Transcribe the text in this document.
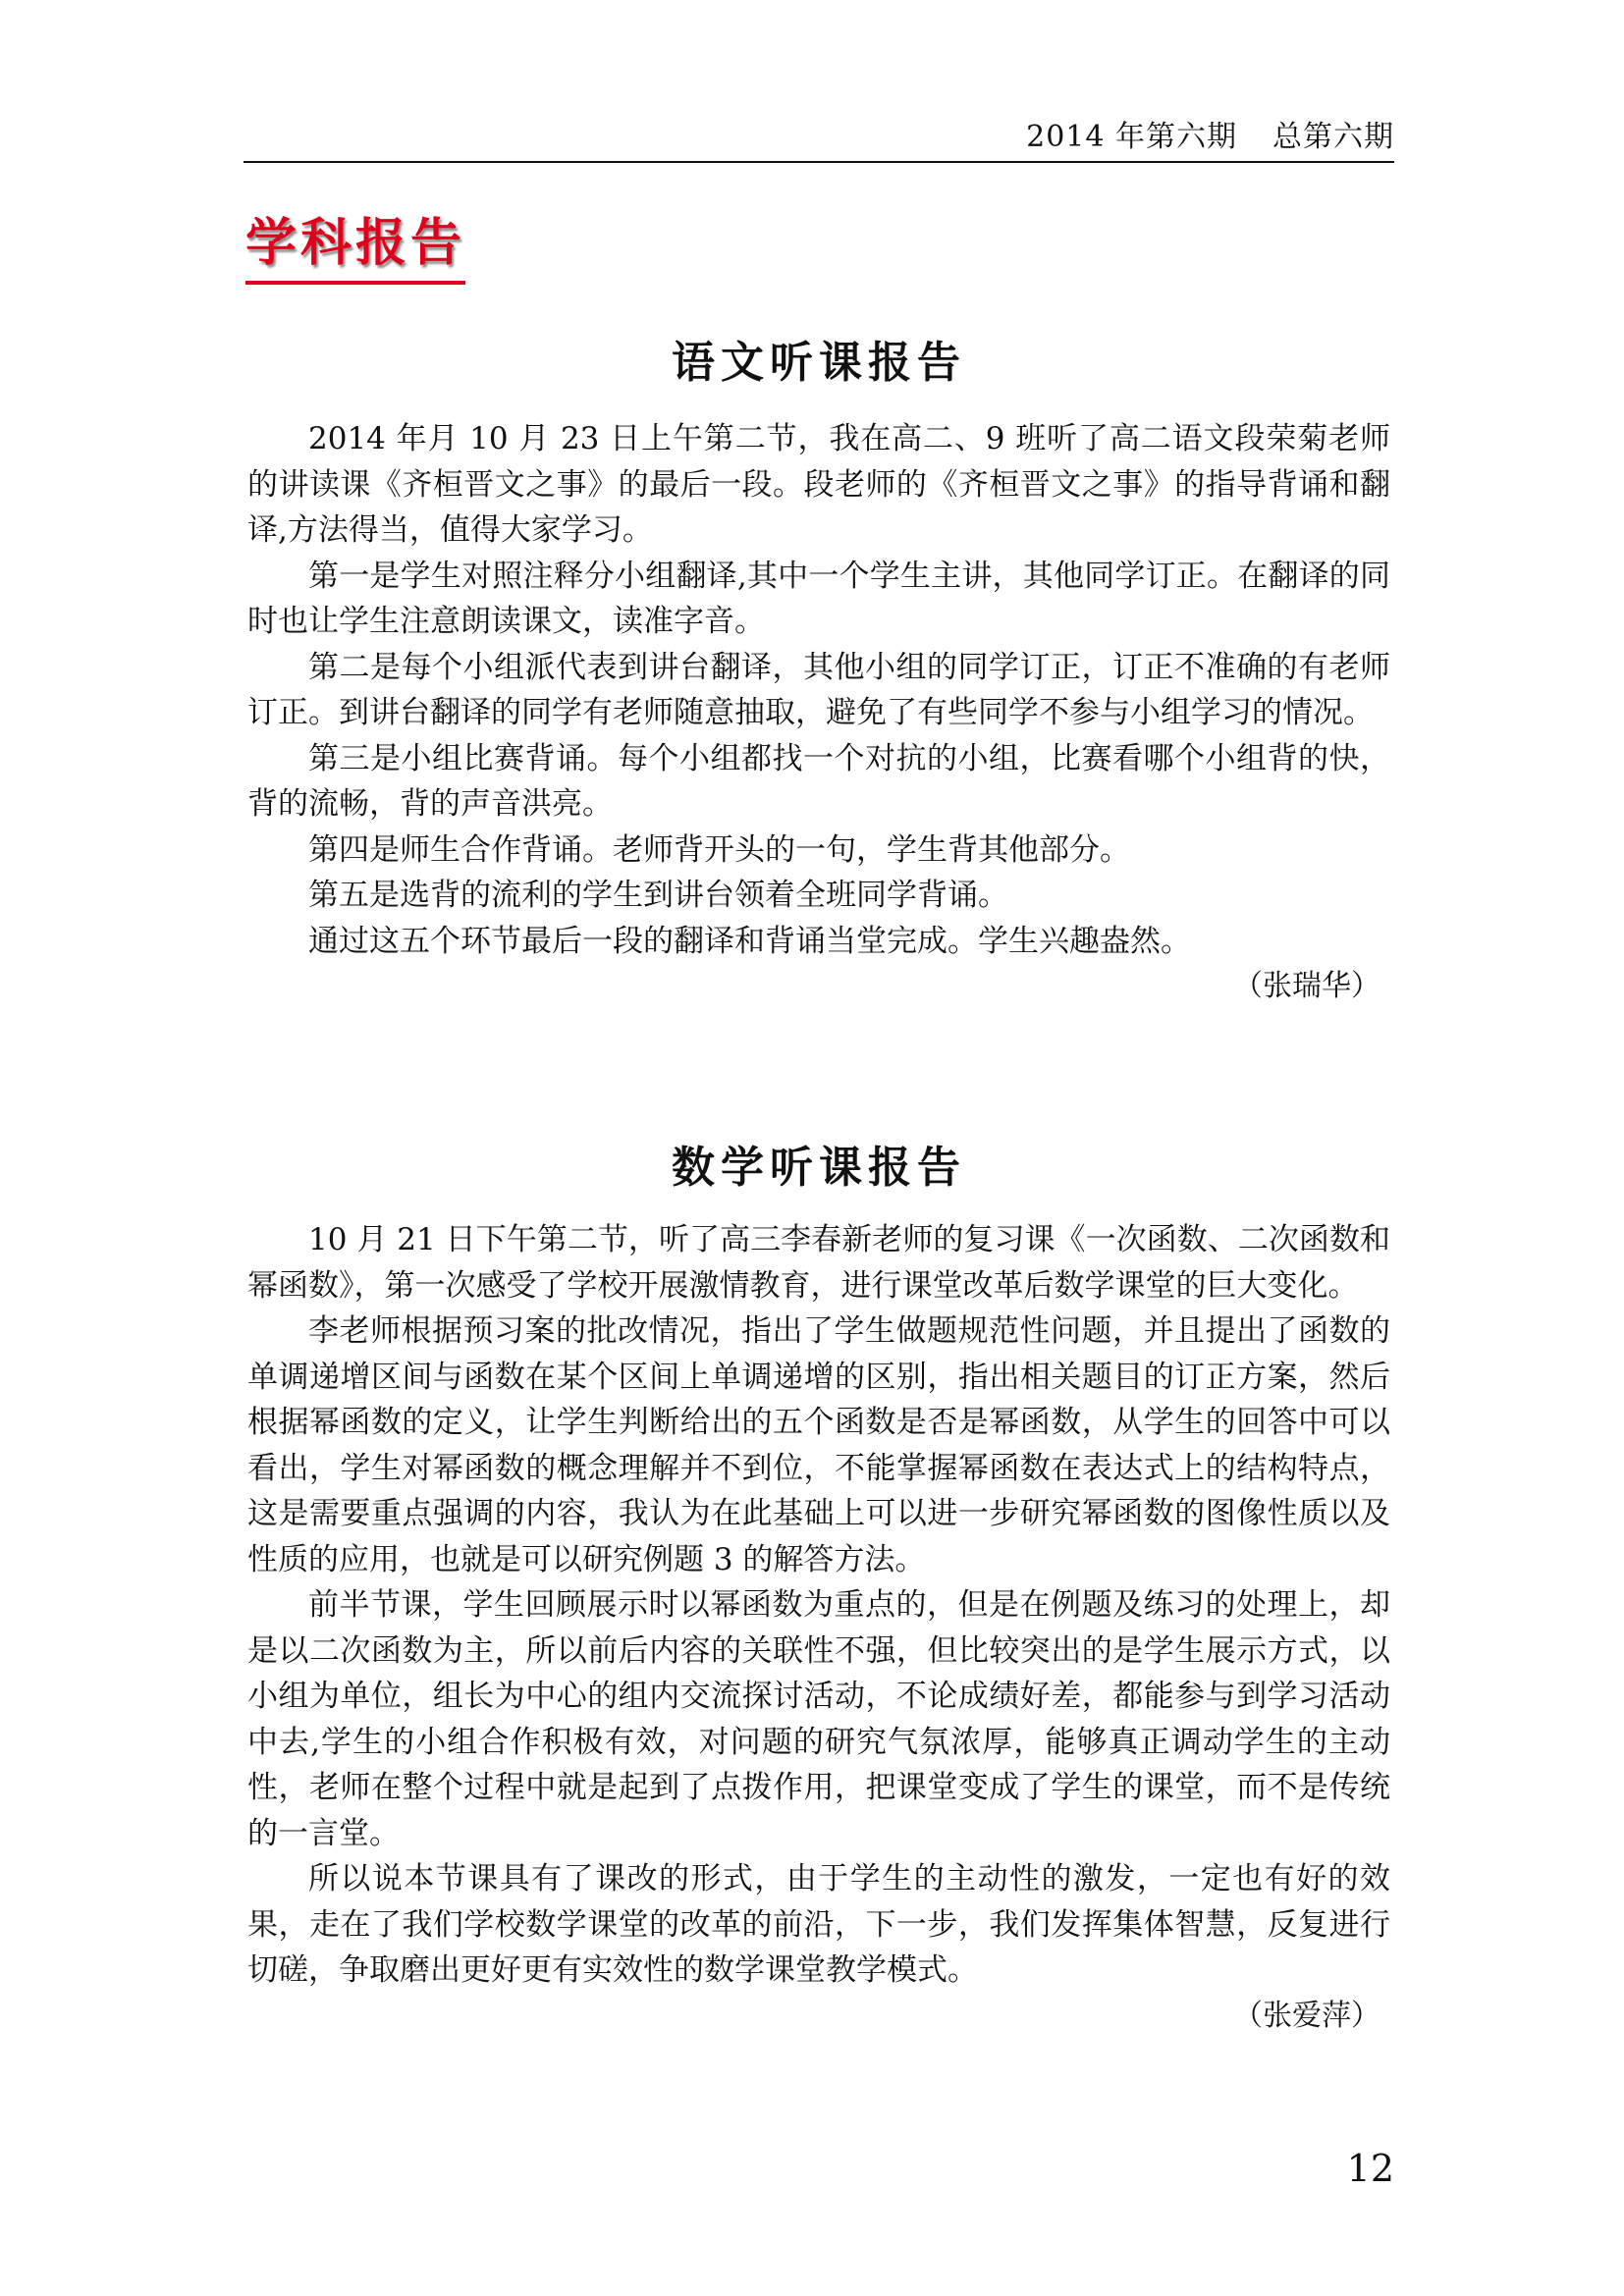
2014 年第六期 总第六期
学科报告
语文听课报告

2014 年月 10 月 23 日上午第二节，我在高二、9 班听了高二语文段荣菊老师的讲读课《齐桓晋文之事》的最后一段。段老师的《齐桓晋文之事》的指导背诵和翻译,方法得当，值得大家学习。

第一是学生对照注释分小组翻译,其中一个学生主讲，其他同学订正。在翻译的同时也让学生注意朗读课文，读准字音。

第二是每个小组派代表到讲台翻译，其他小组的同学订正，订正不准确的有老师订正。到讲台翻译的同学有老师随意抽取，避免了有些同学不参与小组学习的情况。

第三是小组比赛背诵。每个小组都找一个对抗的小组，比赛看哪个小组背的快，背的流畅，背的声音洪亮。

第四是师生合作背诵。老师背开头的一句，学生背其他部分。

第五是选背的流利的学生到讲台领着全班同学背诵。

通过这五个环节最后一段的翻译和背诵当堂完成。学生兴趣盎然。

（张瑞华）
数学听课报告

10 月 21 日下午第二节，听了高三李春新老师的复习课《一次函数、二次函数和幂函数》，第一次感受了学校开展激情教育，进行课堂改革后数学课堂的巨大变化。

李老师根据预习案的批改情况，指出了学生做题规范性问题，并且提出了函数的单调递增区间与函数在某个区间上单调递增的区别，指出相关题目的订正方案，然后根据幂函数的定义，让学生判断给出的五个函数是否是幂函数，从学生的回答中可以看出，学生对幂函数的概念理解并不到位，不能掌握幂函数在表达式上的结构特点，这是需要重点强调的内容，我认为在此基础上可以进一步研究幂函数的图像性质以及性质的应用，也就是可以研究例题 3 的解答方法。

前半节课，学生回顾展示时以幂函数为重点的，但是在例题及练习的处理上，却是以二次函数为主，所以前后内容的关联性不强，但比较突出的是学生展示方式，以小组为单位，组长为中心的组内交流探讨活动，不论成绩好差，都能参与到学习活动中去,学生的小组合作积极有效，对问题的研究气氛浓厚，能够真正调动学生的主动性，老师在整个过程中就是起到了点拨作用，把课堂变成了学生的课堂，而不是传统的一言堂。

所以说本节课具有了课改的形式，由于学生的主动性的激发，一定也有好的效果，走在了我们学校数学课堂的改革的前沿，下一步，我们发挥集体智慧，反复进行切磋，争取磨出更好更有实效性的数学课堂教学模式。

（张爱萍）
12
